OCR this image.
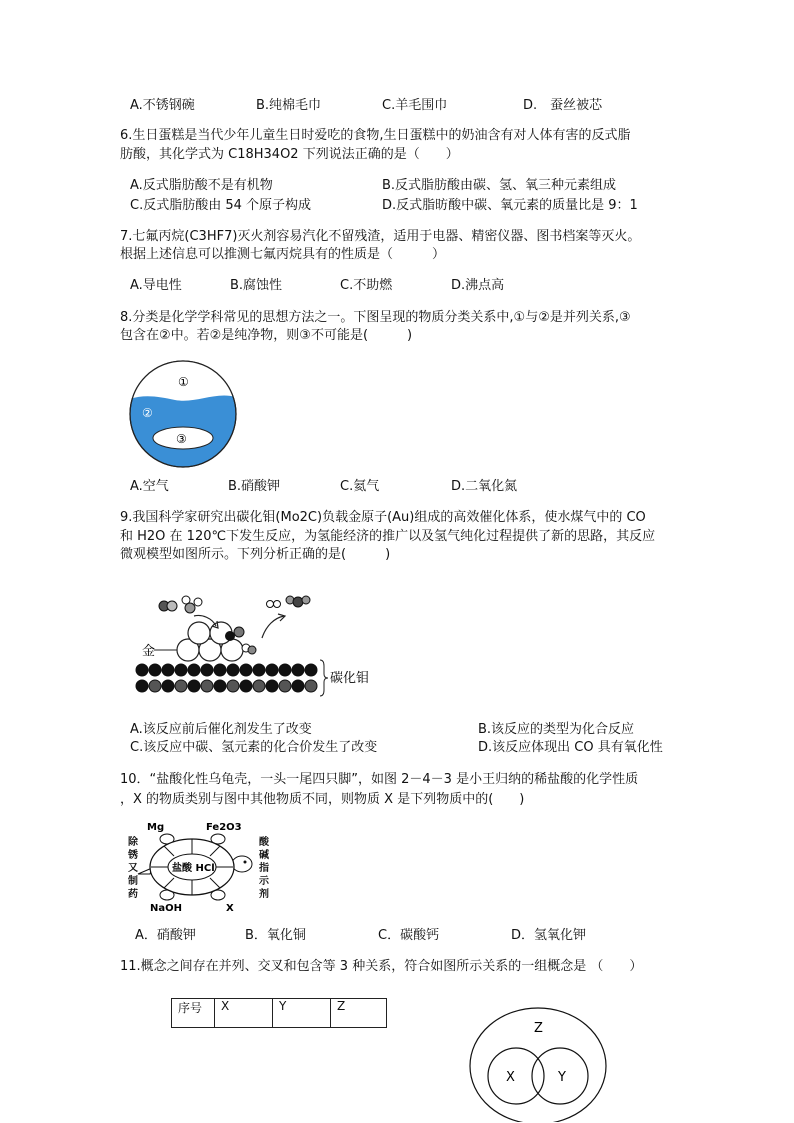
A.不锈钢碗	B.纯棉毛巾	C.羊毛围巾	D.　蚕丝被芯
6.生日蛋糕是当代少年儿童生日时爱吃的食物,生日蛋糕中的奶油含有对人体有害的反式脂
肪酸，其化学式为 C18H34O2 下列说法正确的是（　　）
A.反式脂肪酸不是有机物	B.反式脂肪酸由碳、氢、氧三种元素组成
C.反式脂肪酸由 54 个原子构成	D.反式脂昉酸中碳、氧元素的质量比是 9：1
7.七氟丙烷(C3HF7)灭火剂容易汽化不留残渣，适用于电器、精密仪器、图书档案等灭火。
根据上述信息可以推测七氟丙烷具有的性质是（　　　）
A.导电性	B.腐蚀性	C.不助燃	D.沸点高
8.分类是化学学科常见的思想方法之一。下图呈现的物质分类关系中,①与②是并列关系,③
包含在②中。若②是纯净物，则③不可能是(　　　)
①
②
③
A.空气	B.硝酸钾	C.氦气	D.二氧化氮
9.我国科学家研究出碳化钼(Mo2C)负载金原子(Au)组成的高效催化体系，使水煤气中的 CO
和 H2O 在 120℃下发生反应，为氢能经济的推广以及氢气纯化过程提供了新的思路，其反应
微观模型如图所示。下列分析正确的是(　　　)
金
碳化钼
A.该反应前后催化剂发生了改变	B.该反应的类型为化合反应
C.该反应中碳、氢元素的化合价发生了改变	D.该反应体现出 CO 具有氧化性
10．“盐酸化性乌龟壳，一头一尾四只脚”，如图 2－4－3 是小王归纳的稀盐酸的化学性质
，X 的物质类别与图中其他物质不同，则物质 X 是下列物质中的(　　)
Mg	Fe2O3
NaOH	X
盐酸 HCl
除锈又制药
酸碱指示剂
A．硝酸钾	B．氧化铜	C．碳酸钙	D．氢氧化钾
11.概念之间存在并列、交叉和包含等 3 种关系，符合如图所示关系的一组概念是 （　　）
序号	X	Y	Z
Z
X	Y
